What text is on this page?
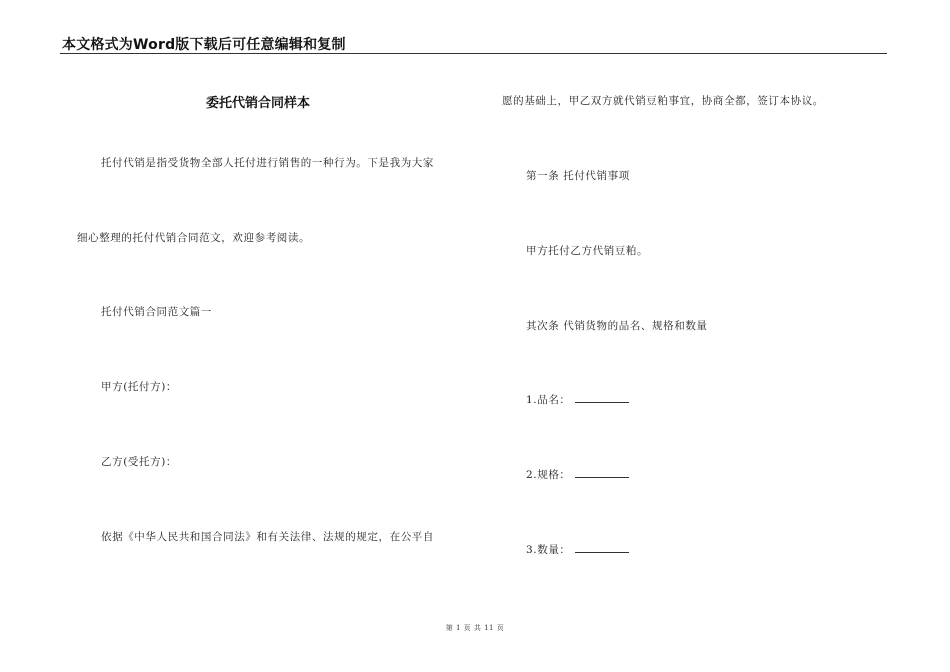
本文格式为Word版下载后可任意编辑和复制
委托代销合同样本
托付代销是指受货物全部人托付进行销售的一种行为。下是我为大家
细心整理的托付代销合同范文，欢迎参考阅读。
托付代销合同范文篇一
甲方(托付方)：
乙方(受托方)：
依据《中华人民共和国合同法》和有关法律、法规的规定，在公平自
愿的基础上，甲乙双方就代销豆粕事宜，协商全都，签订本协议。
第一条 托付代销事项
甲方托付乙方代销豆粕。
其次条 代销货物的品名、规格和数量
1.品名：
2.规格：
3.数量：
第 1 页 共 11 页
